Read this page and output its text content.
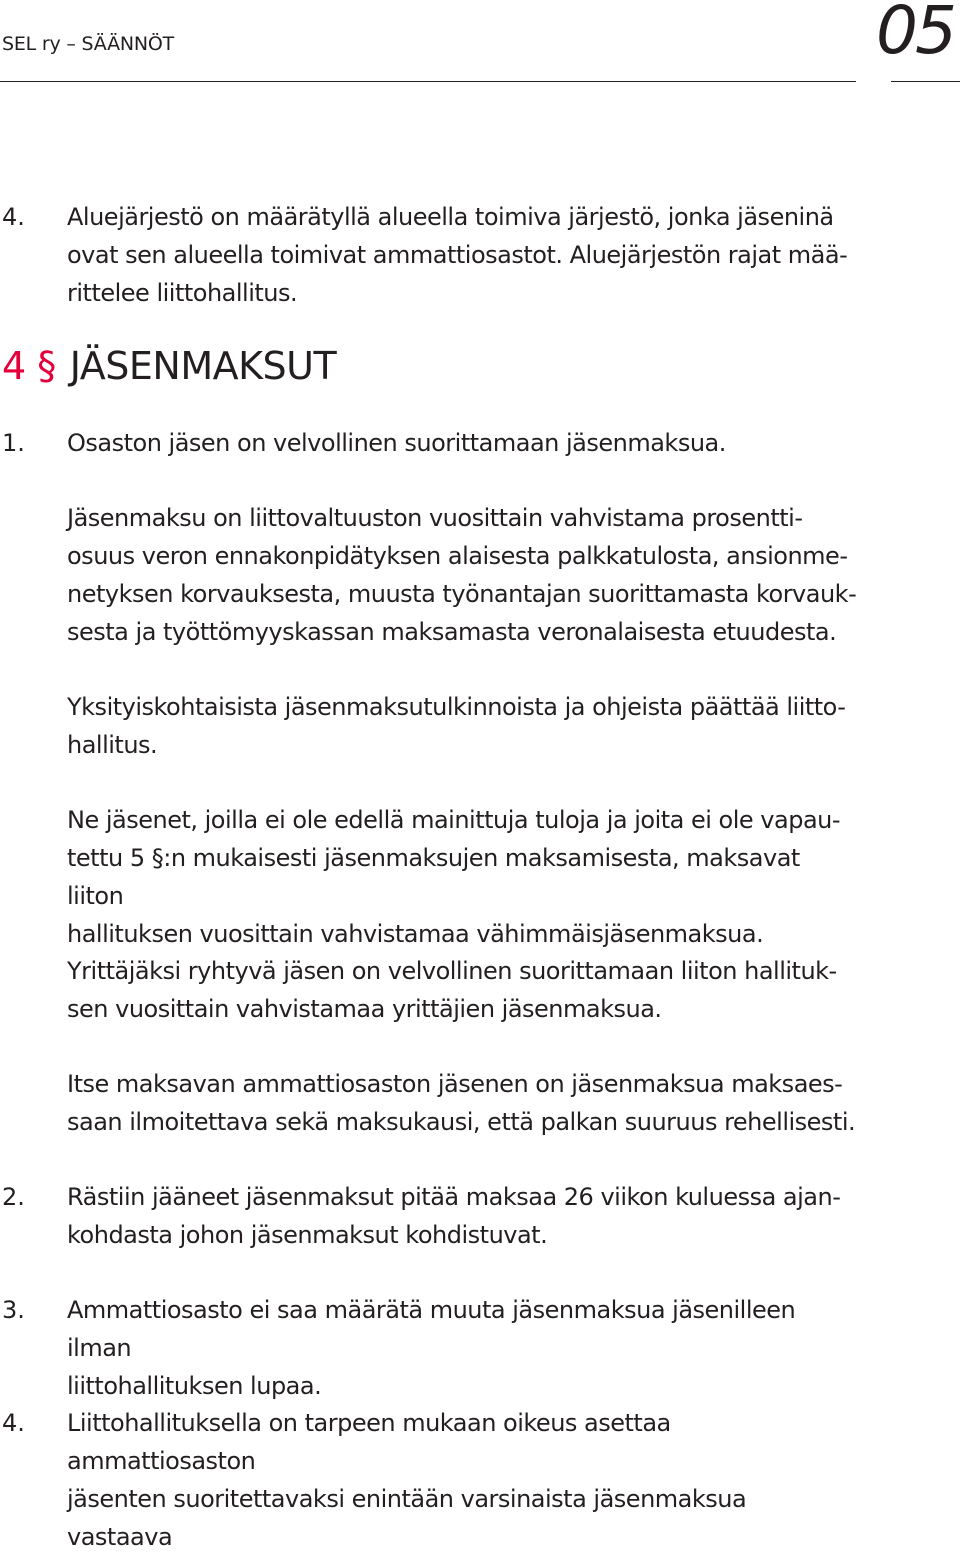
SEL ry – SÄÄNNÖT	05
4. Aluejärjestö on määrätyllä alueella toimiva järjestö, jonka jäseninä
ovat sen alueella toimivat ammattiosastot. Aluejärjestön rajat mää-
rittelee liittohallitus.
4 § JÄSENMAKSUT
1. Osaston jäsen on velvollinen suorittamaan jäsenmaksua.
Jäsenmaksu on liittovaltuuston vuosittain vahvistama prosentti-
osuus veron ennakonpidätyksen alaisesta palkkatulosta, ansionme-
netyksen korvauksesta, muusta työnantajan suorittamasta korvauk-
sesta ja työttömyyskassan maksamasta veronalaisesta etuudesta.
Yksityiskohtaisista jäsenmaksutulkinnoista ja ohjeista päättää liitto-
hallitus.
Ne jäsenet, joilla ei ole edellä mainittuja tuloja ja joita ei ole vapau-
tettu 5 §:n mukaisesti jäsenmaksujen maksamisesta, maksavat liiton
hallituksen vuosittain vahvistamaa vähimmäisjäsenmaksua.
Yrittäjäksi ryhtyvä jäsen on velvollinen suorittamaan liiton hallituk-
sen vuosittain vahvistamaa yrittäjien jäsenmaksua.
Itse maksavan ammattiosaston jäsenen on jäsenmaksua maksaes-
saan ilmoitettava sekä maksukausi, että palkan suuruus rehellisesti.
2. Rästiin jääneet jäsenmaksut pitää maksaa 26 viikon kuluessa ajan-
kohdasta johon jäsenmaksut kohdistuvat.
3. Ammattiosasto ei saa määrätä muuta jäsenmaksua jäsenilleen ilman
liittohallituksen lupaa.
4. Liittohallituksella on tarpeen mukaan oikeus asettaa ammattiosaston
jäsenten suoritettavaksi enintään varsinaista jäsenmaksua vastaava
